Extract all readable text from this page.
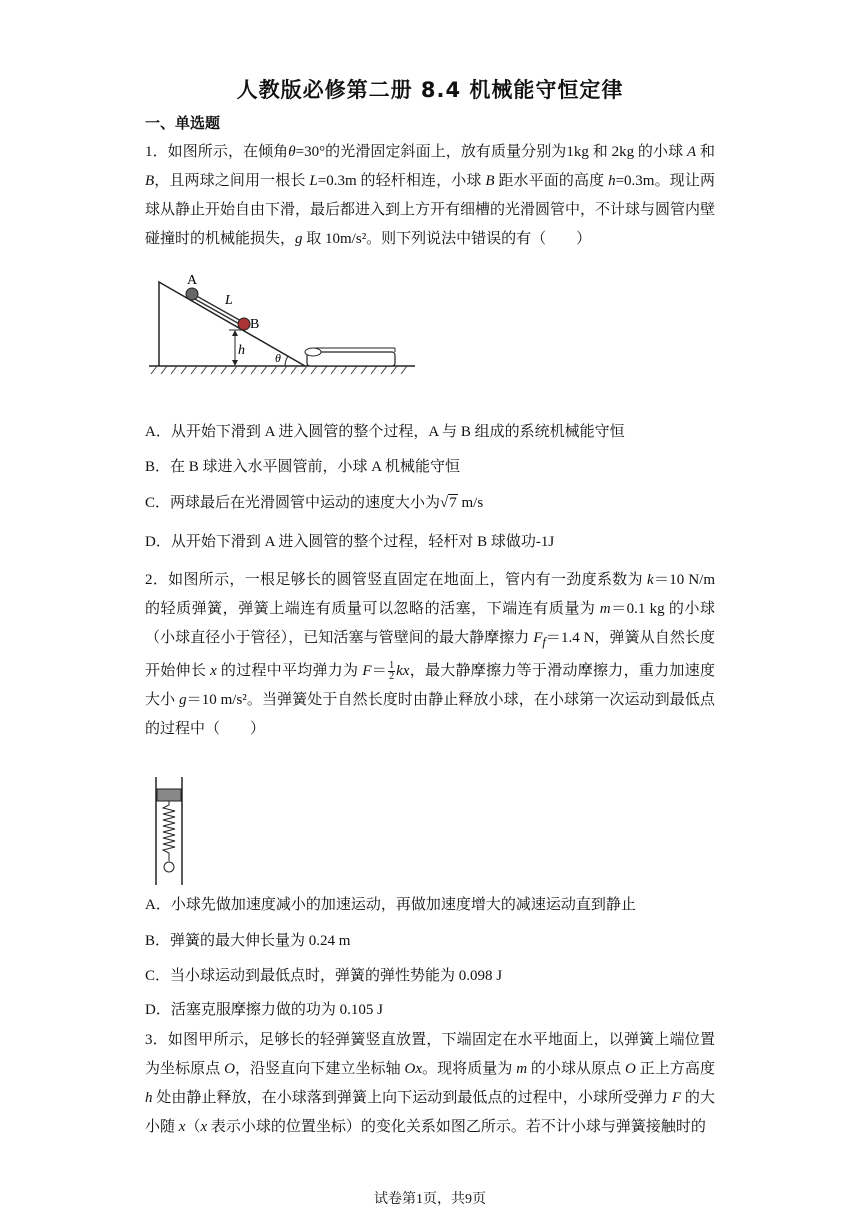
人教版必修第二册 8.4 机械能守恒定律
一、单选题

1．如图所示，在倾角θ=30°的光滑固定斜面上，放有质量分别为1kg 和 2kg 的小球 A 和 B，且两球之间用一根长 L=0.3m 的轻杆相连，小球 B 距水平面的高度 h=0.3m。现让两球从静止开始自由下滑，最后都进入到上方开有细槽的光滑圆管中，不计球与圆管内壁碰撞时的机械能损失，g 取 10m/s²。则下列说法中错误的有（　　）

A
B
L
h	θ
A．从开始下滑到 A 进入圆管的整个过程，A 与 B 组成的系统机械能守恒
B．在 B 球进入水平圆管前，小球 A 机械能守恒
C．两球最后在光滑圆管中运动的速度大小为√7 m/s
D．从开始下滑到 A 进入圆管的整个过程，轻杆对 B 球做功-1J

2．如图所示，一根足够长的圆管竖直固定在地面上，管内有一劲度系数为 k＝10 N/m 的轻质弹簧，弹簧上端连有质量可以忽略的活塞，下端连有质量为 m＝0.1 kg 的小球（小球直径小于管径），已知活塞与管壁间的最大静摩擦力 $F_f=1.4$ N，弹簧从自然长度开始伸长 x 的过程中平均弹力为 $F= \frac{1}{2}$ kx，最大静摩擦力等于滑动摩擦力，重力加速度大小 g＝10 m/s²。当弹簧处于自然长度时由静止释放小球，在小球第一次运动到最低点的过程中（　　）

A．小球先做加速度减小的加速运动，再做加速度增大的减速运动直到静止
B．弹簧的最大伸长量为 0.24 m
C．当小球运动到最低点时，弹簧的弹性势能为 0.098 J
D．活塞克服摩擦力做的功为 0.105 J

3．如图甲所示，足够长的轻弹簧竖直放置，下端固定在水平地面上，以弹簧上端位置为坐标原点 O，沿竖直向下建立坐标轴 Ox。现将质量为 m 的小球从原点 O 正上方高度 h 处由静止释放，在小球落到弹簧上向下运动到最低点的过程中，小球所受弹力 F 的大小随 x（x 表示小球的位置坐标）的变化关系如图乙所示。若不计小球与弹簧接触时的

试卷第1页，共9页
